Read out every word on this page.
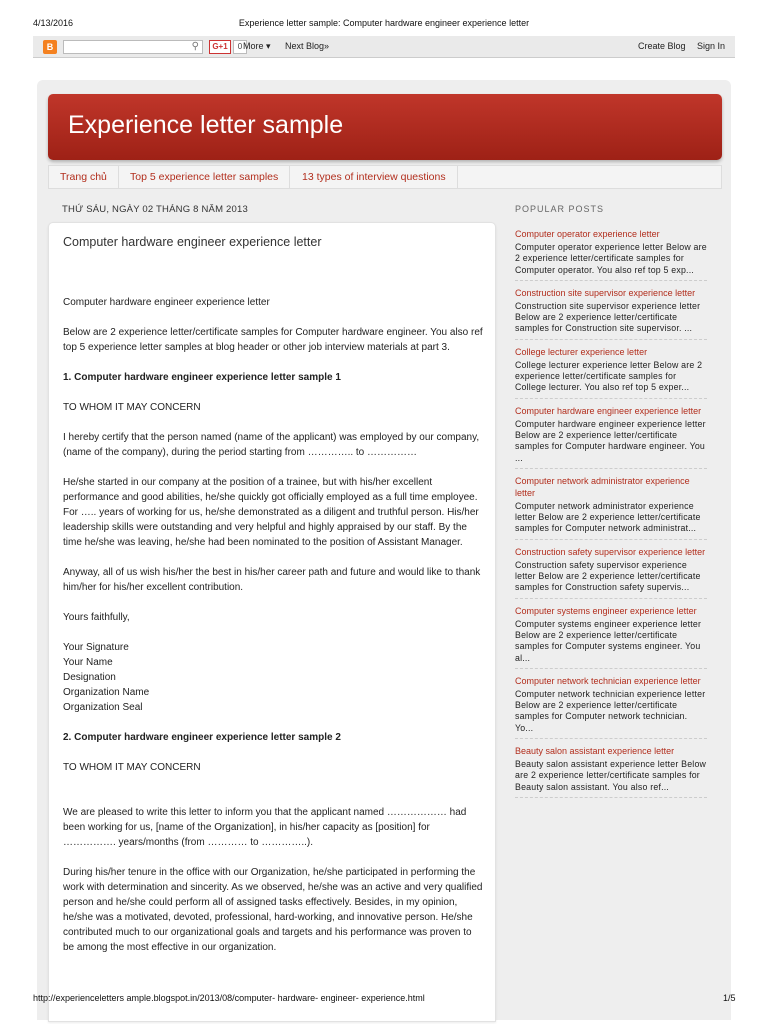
4/13/2016	Experience letter sample: Computer hardware engineer experience letter
B	⚲	G+1	0 More ▾ Next Blog»	Create Blog Sign In
Experience letter sample
Trang chủ	Top 5 experience letter samples	13 types of interview questions
THỨ SÁU, NGÀY 02 THÁNG 8 NĂM 2013
Computer hardware engineer experience letter

Computer hardware engineer experience letter

Below are 2 experience letter/certificate samples for Computer hardware engineer. You also ref top 5 experience letter samples at blog header or other job interview materials at part 3.

1. Computer hardware engineer experience letter sample 1

TO WHOM IT MAY CONCERN

I hereby certify that the person named (name of the applicant) was employed by our company, (name of the company), during the period starting from ………….. to ……………

He/she started in our company at the position of a trainee, but with his/her excellent performance and good abilities, he/she quickly got officially employed as a full time employee. For ….. years of working for us, he/she demonstrated as a diligent and truthful person. His/her leadership skills were outstanding and very helpful and highly appraised by our staff. By the time he/she was leaving, he/she had been nominated to the position of Assistant Manager.

Anyway, all of us wish his/her the best in his/her career path and future and would like to thank him/her for his/her excellent contribution.

Yours faithfully,

Your Signature

Your Name

Designation

Organization Name

Organization Seal

2. Computer hardware engineer experience letter sample 2

TO WHOM IT MAY CONCERN

We are pleased to write this letter to inform you that the applicant named ……………… had been working for us, [name of the Organization], in his/her capacity as [position] for ……………. years/months (from ………… to …………..).

During his/her tenure in the office with our Organization, he/she participated in performing the work with determination and sincerity. As we observed, he/she was an active and very qualified person and he/she could perform all of assigned tasks effectively. Besides, in my opinion, he/she was a motivated, devoted, professional, hard-working, and innovative person. He/she contributed much to our organizational goals and targets and his performance was proven to be among the most effective in our organization.

POPULAR POSTS
Computer operator experience letter
Computer operator experience letter Below are 2 experience letter/certificate samples for Computer operator. You also ref top 5 exp...
Construction site supervisor experience letter
Construction site supervisor experience letter Below are 2 experience letter/certificate samples for Construction site supervisor. ...
College lecturer experience letter
College lecturer experience letter Below are 2 experience letter/certificate samples for College lecturer. You also ref top 5 exper...
Computer hardware engineer experience letter
Computer hardware engineer experience letter Below are 2 experience letter/certificate samples for Computer hardware engineer. You ...
Computer network administrator experience letter
Computer network administrator experience letter Below are 2 experience letter/certificate samples for Computer network administrat...
Construction safety supervisor experience letter
Construction safety supervisor experience letter Below are 2 experience letter/certificate samples for Construction safety supervis...
Computer systems engineer experience letter
Computer systems engineer experience letter Below are 2 experience letter/certificate samples for Computer systems engineer. You al...
Computer network technician experience letter
Computer network technician experience letter Below are 2 experience letter/certificate samples for Computer network technician. Yo...
Beauty salon assistant experience letter
Beauty salon assistant experience letter Below are 2 experience letter/certificate samples for Beauty salon assistant. You also ref...
http://experienceletters ample.blogspot.in/2013/08/computer- hardware- engineer- experience.html	1/5
